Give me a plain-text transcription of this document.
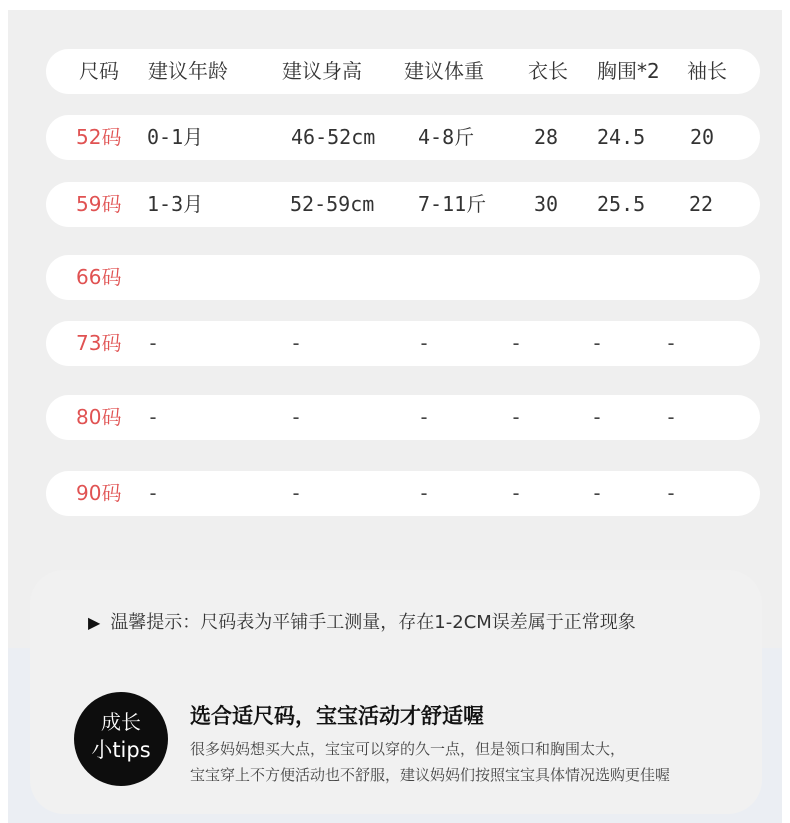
尺码 建议年龄	建议身高 建议体重 衣长 胸围*2 袖长
52码 0-1月	46-52cm 4-8斤	28 24.5 20
59码 1-3月	52-59cm 7-11斤 30 25.5 22
66码
73码 -	-	-	-	-	-
80码 -	-	-	-	-	-
90码 -	-	-	-	-	-
▶ 温馨提示：尺码表为平铺手工测量，存在1-2CM误差属于正常现象
成长
小tips
选合适尺码，宝宝活动才舒适喔
很多妈妈想买大点，宝宝可以穿的久一点，但是领口和胸围太大，
宝宝穿上不方便活动也不舒服，建议妈妈们按照宝宝具体情况选购更佳喔
